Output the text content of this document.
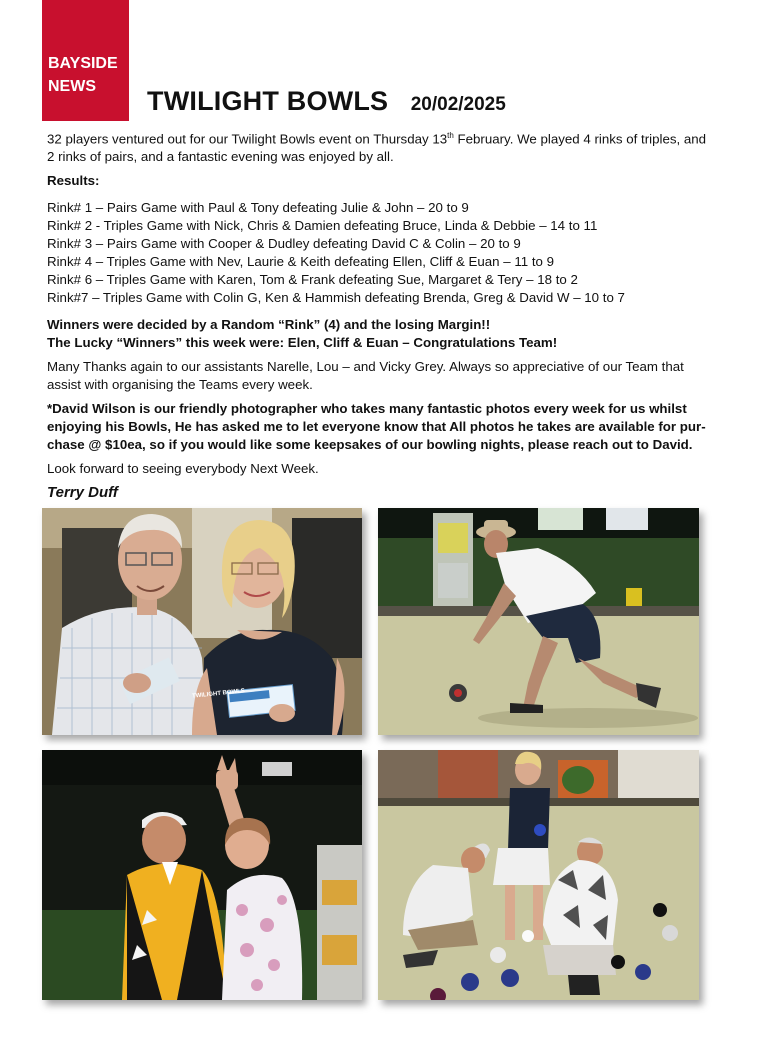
BAYSIDE
NEWS	TWILIGHT BOWLS 20/02/2025

32 players ventured out for our Twilight Bowls event on Thursday 13th February. We played 4 rinks of triples, and 2 rinks of pairs, and a fantastic evening was enjoyed by all.

Results:

Rink# 1 – Pairs Game with Paul & Tony defeating Julie & John – 20 to 9
Rink# 2 - Triples Game with Nick, Chris & Damien defeating Bruce, Linda & Debbie – 14 to 11
Rink# 3 – Pairs Game with Cooper & Dudley defeating David C & Colin – 20 to 9
Rink# 4 – Triples Game with Nev, Laurie & Keith defeating Ellen, Cliff & Euan – 11 to 9
Rink# 6 – Triples Game with Karen, Tom & Frank defeating Sue, Margaret & Tery – 18 to 2
Rink#7 – Triples Game with Colin G, Ken & Hammish defeating Brenda, Greg & David W – 10 to 7

Winners were decided by a Random “Rink” (4) and the losing Margin!!
The Lucky “Winners” this week were: Elen, Cliff & Euan – Congratulations Team!

Many Thanks again to our assistants Narelle, Lou – and Vicky Grey. Always so appreciative of our Team that assist with organising the Teams every week.

*David Wilson is our friendly photographer who takes many fantastic photos every week for us whilst enjoying his Bowls, He has asked me to let everyone know that All photos he takes are available for pur-chase @ $10ea, so if you would like some keepsakes of our bowling nights, please reach out to David.

Look forward to seeing everybody Next Week.

Terry Duff
TWILIGHT BOWLS
